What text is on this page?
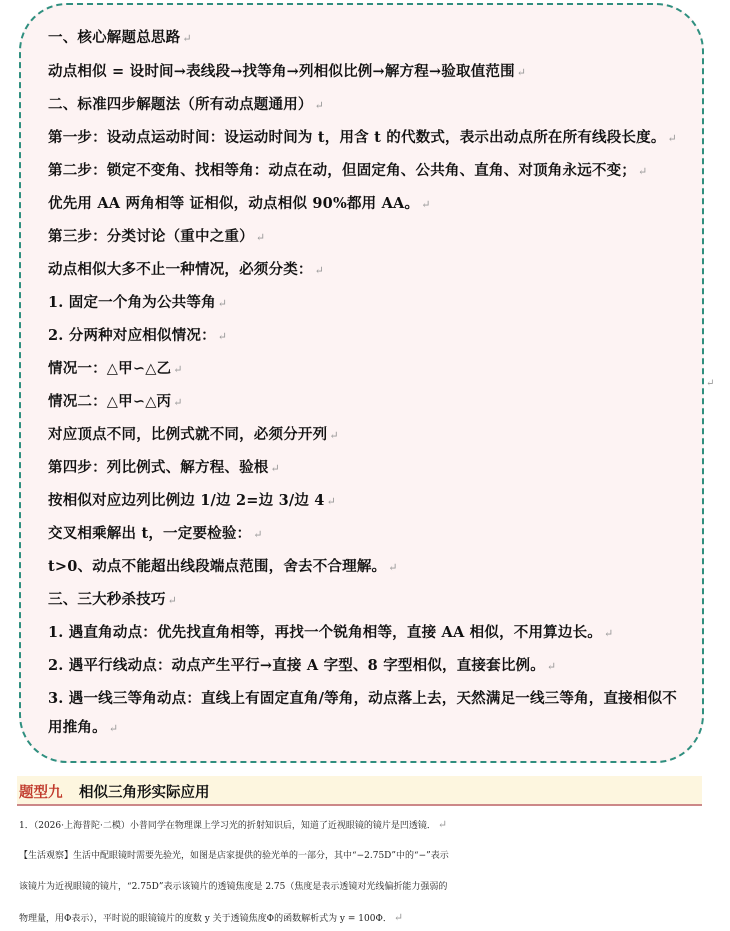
一、核心解题总思路 ↵
动点相似 = 设时间→表线段→找等角→列相似比例→解方程→验取值范围 ↵
二、标准四步解题法（所有动点题通用） ↵
第一步：设动点运动时间：设运动时间为 t，用含 t 的代数式，表示出动点所在所有线段长度。 ↵
第二步：锁定不变角、找相等角：动点在动，但固定角、公共角、直角、对顶角永远不变； ↵
优先用 AA 两角相等 证相似，动点相似 90%都用 AA。 ↵
第三步：分类讨论（重中之重） ↵
动点相似大多不止一种情况，必须分类： ↵
1. 固定一个角为公共等角 ↵
2. 分两种对应相似情况： ↵
情况一：△甲∽△乙 ↵
情况二：△甲∽△丙 ↵
对应顶点不同，比例式就不同，必须分开列 ↵
第四步：列比例式、解方程、验根 ↵
按相似对应边列比例边 1/边 2=边 3/边 4 ↵
交叉相乘解出 t，一定要检验： ↵
t>0、动点不能超出线段端点范围，舍去不合理解。 ↵
三、三大秒杀技巧 ↵
1. 遇直角动点：优先找直角相等，再找一个锐角相等，直接 AA 相似，不用算边长。 ↵
2. 遇平行线动点：动点产生平行→直接 A 字型、8 字型相似，直接套比例。 ↵
3. 遇一线三等角动点：直线上有固定直角/等角，动点落上去，天然满足一线三等角，直接相似不
用推角。 ↵
↵
题型九 相似三角形实际应用
1．（2026·上海普陀·二模）小普同学在物理课上学习光的折射知识后，知道了近视眼镜的镜片是凹透镜． ↵
【生活观察】生活中配眼镜时需要先验光，如图是店家提供的验光单的一部分，其中“−2.75D”中的“−”表示
该镜片为近视眼镜的镜片，“2.75D”表示该镜片的透镜焦度是 2.75（焦度是表示透镜对光线偏折能力强弱的
物理量，用Φ表示），平时说的眼镜镜片的度数 y 关于透镜焦度Φ的函数解析式为 y = 100Φ． ↵
